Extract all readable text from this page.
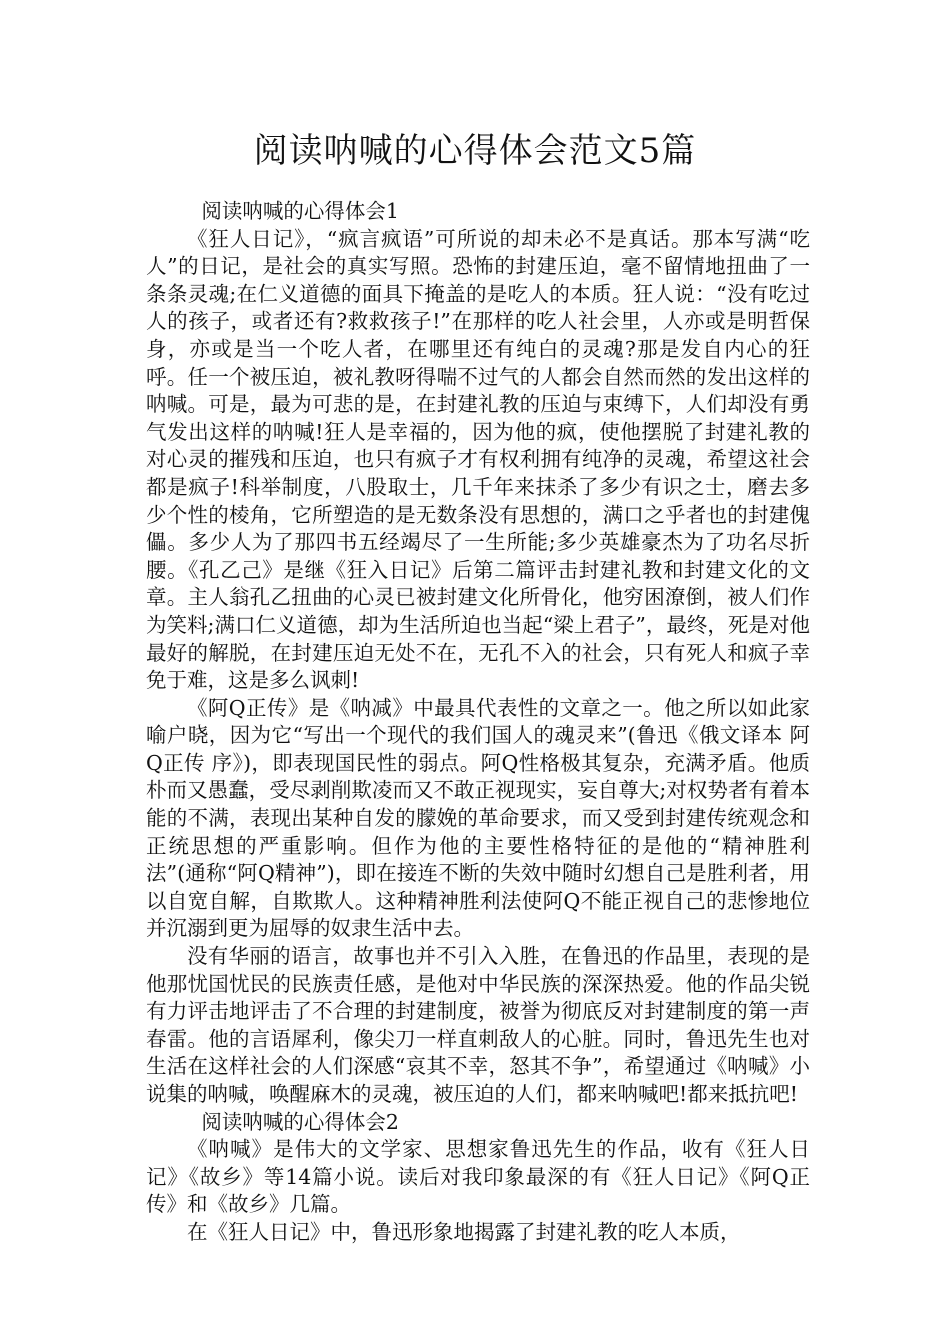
阅读呐喊的心得体会范文5篇

阅读呐喊的心得体会1

《狂人日记》，“疯言疯语”可所说的却未必不是真话。那本写满“吃人”的日记，是社会的真实写照。恐怖的封建压迫，毫不留情地扭曲了一条条灵魂;在仁义道德的面具下掩盖的是吃人的本质。狂人说：“没有吃过人的孩子，或者还有?救救孩子!”在那样的吃人社会里，人亦或是明哲保身，亦或是当一个吃人者，在哪里还有纯白的灵魂?那是发自内心的狂呼。任一个被压迫，被礼教呀得喘不过气的人都会自然而然的发出这样的呐喊。可是，最为可悲的是，在封建礼教的压迫与束缚下，人们却没有勇气发出这样的呐喊!狂人是幸福的，因为他的疯，使他摆脱了封建礼教的对心灵的摧残和压迫，也只有疯子才有权利拥有纯净的灵魂，希望这社会都是疯子!科举制度，八股取士，几千年来抹杀了多少有识之士，磨去多少个性的棱角，它所塑造的是无数条没有思想的，满口之乎者也的封建傀儡。多少人为了那四书五经竭尽了一生所能;多少英雄豪杰为了功名尽折腰。《孔乙己》是继《狂入日记》后第二篇评击封建礼教和封建文化的文章。主人翁孔乙扭曲的心灵已被封建文化所骨化，他穷困潦倒，被人们作为笑料;满口仁义道德，却为生活所迫也当起“梁上君子”，最终，死是对他最好的解脱，在封建压迫无处不在，无孔不入的社会，只有死人和疯子幸免于难，这是多么讽刺!

《阿Q正传》是《呐减》中最具代表性的文章之一。他之所以如此家喻户晓，因为它“写出一个现代的我们国人的魂灵来”(鲁迅《俄文译本 阿Q正传 序》)，即表现国民性的弱点。阿Q性格极其复杂，充满矛盾。他质朴而又愚蠢，受尽剥削欺凌而又不敢正视现实，妄自尊大;对权势者有着本能的不满，表现出某种自发的朦娩的革命要求，而又受到封建传统观念和正统思想的严重影响。但作为他的主要性格特征的是他的“精神胜利法”(通称“阿Q精神”)，即在接连不断的失效中随时幻想自己是胜利者，用以自宽自解，自欺欺人。这种精神胜利法使阿Q不能正视自己的悲惨地位并沉溺到更为屈辱的奴隶生活中去。

没有华丽的语言，故事也并不引入入胜，在鲁迅的作品里，表现的是他那忧国忧民的民族责任感，是他对中华民族的深深热爱。他的作品尖锐有力评击地评击了不合理的封建制度，被誉为彻底反对封建制度的第一声春雷。他的言语犀利，像尖刀一样直刺敌人的心脏。同时，鲁迅先生也对生活在这样社会的人们深感“哀其不幸，怒其不争”，希望通过《呐喊》小说集的呐喊，唤醒麻木的灵魂，被压迫的人们，都来呐喊吧!都来抵抗吧!

阅读呐喊的心得体会2

《呐喊》是伟大的文学家、思想家鲁迅先生的作品，收有《狂人日记》《故乡》等14篇小说。读后对我印象最深的有《狂人日记》《阿Q正传》和《故乡》几篇。

在《狂人日记》中，鲁迅形象地揭露了封建礼教的吃人本质，
